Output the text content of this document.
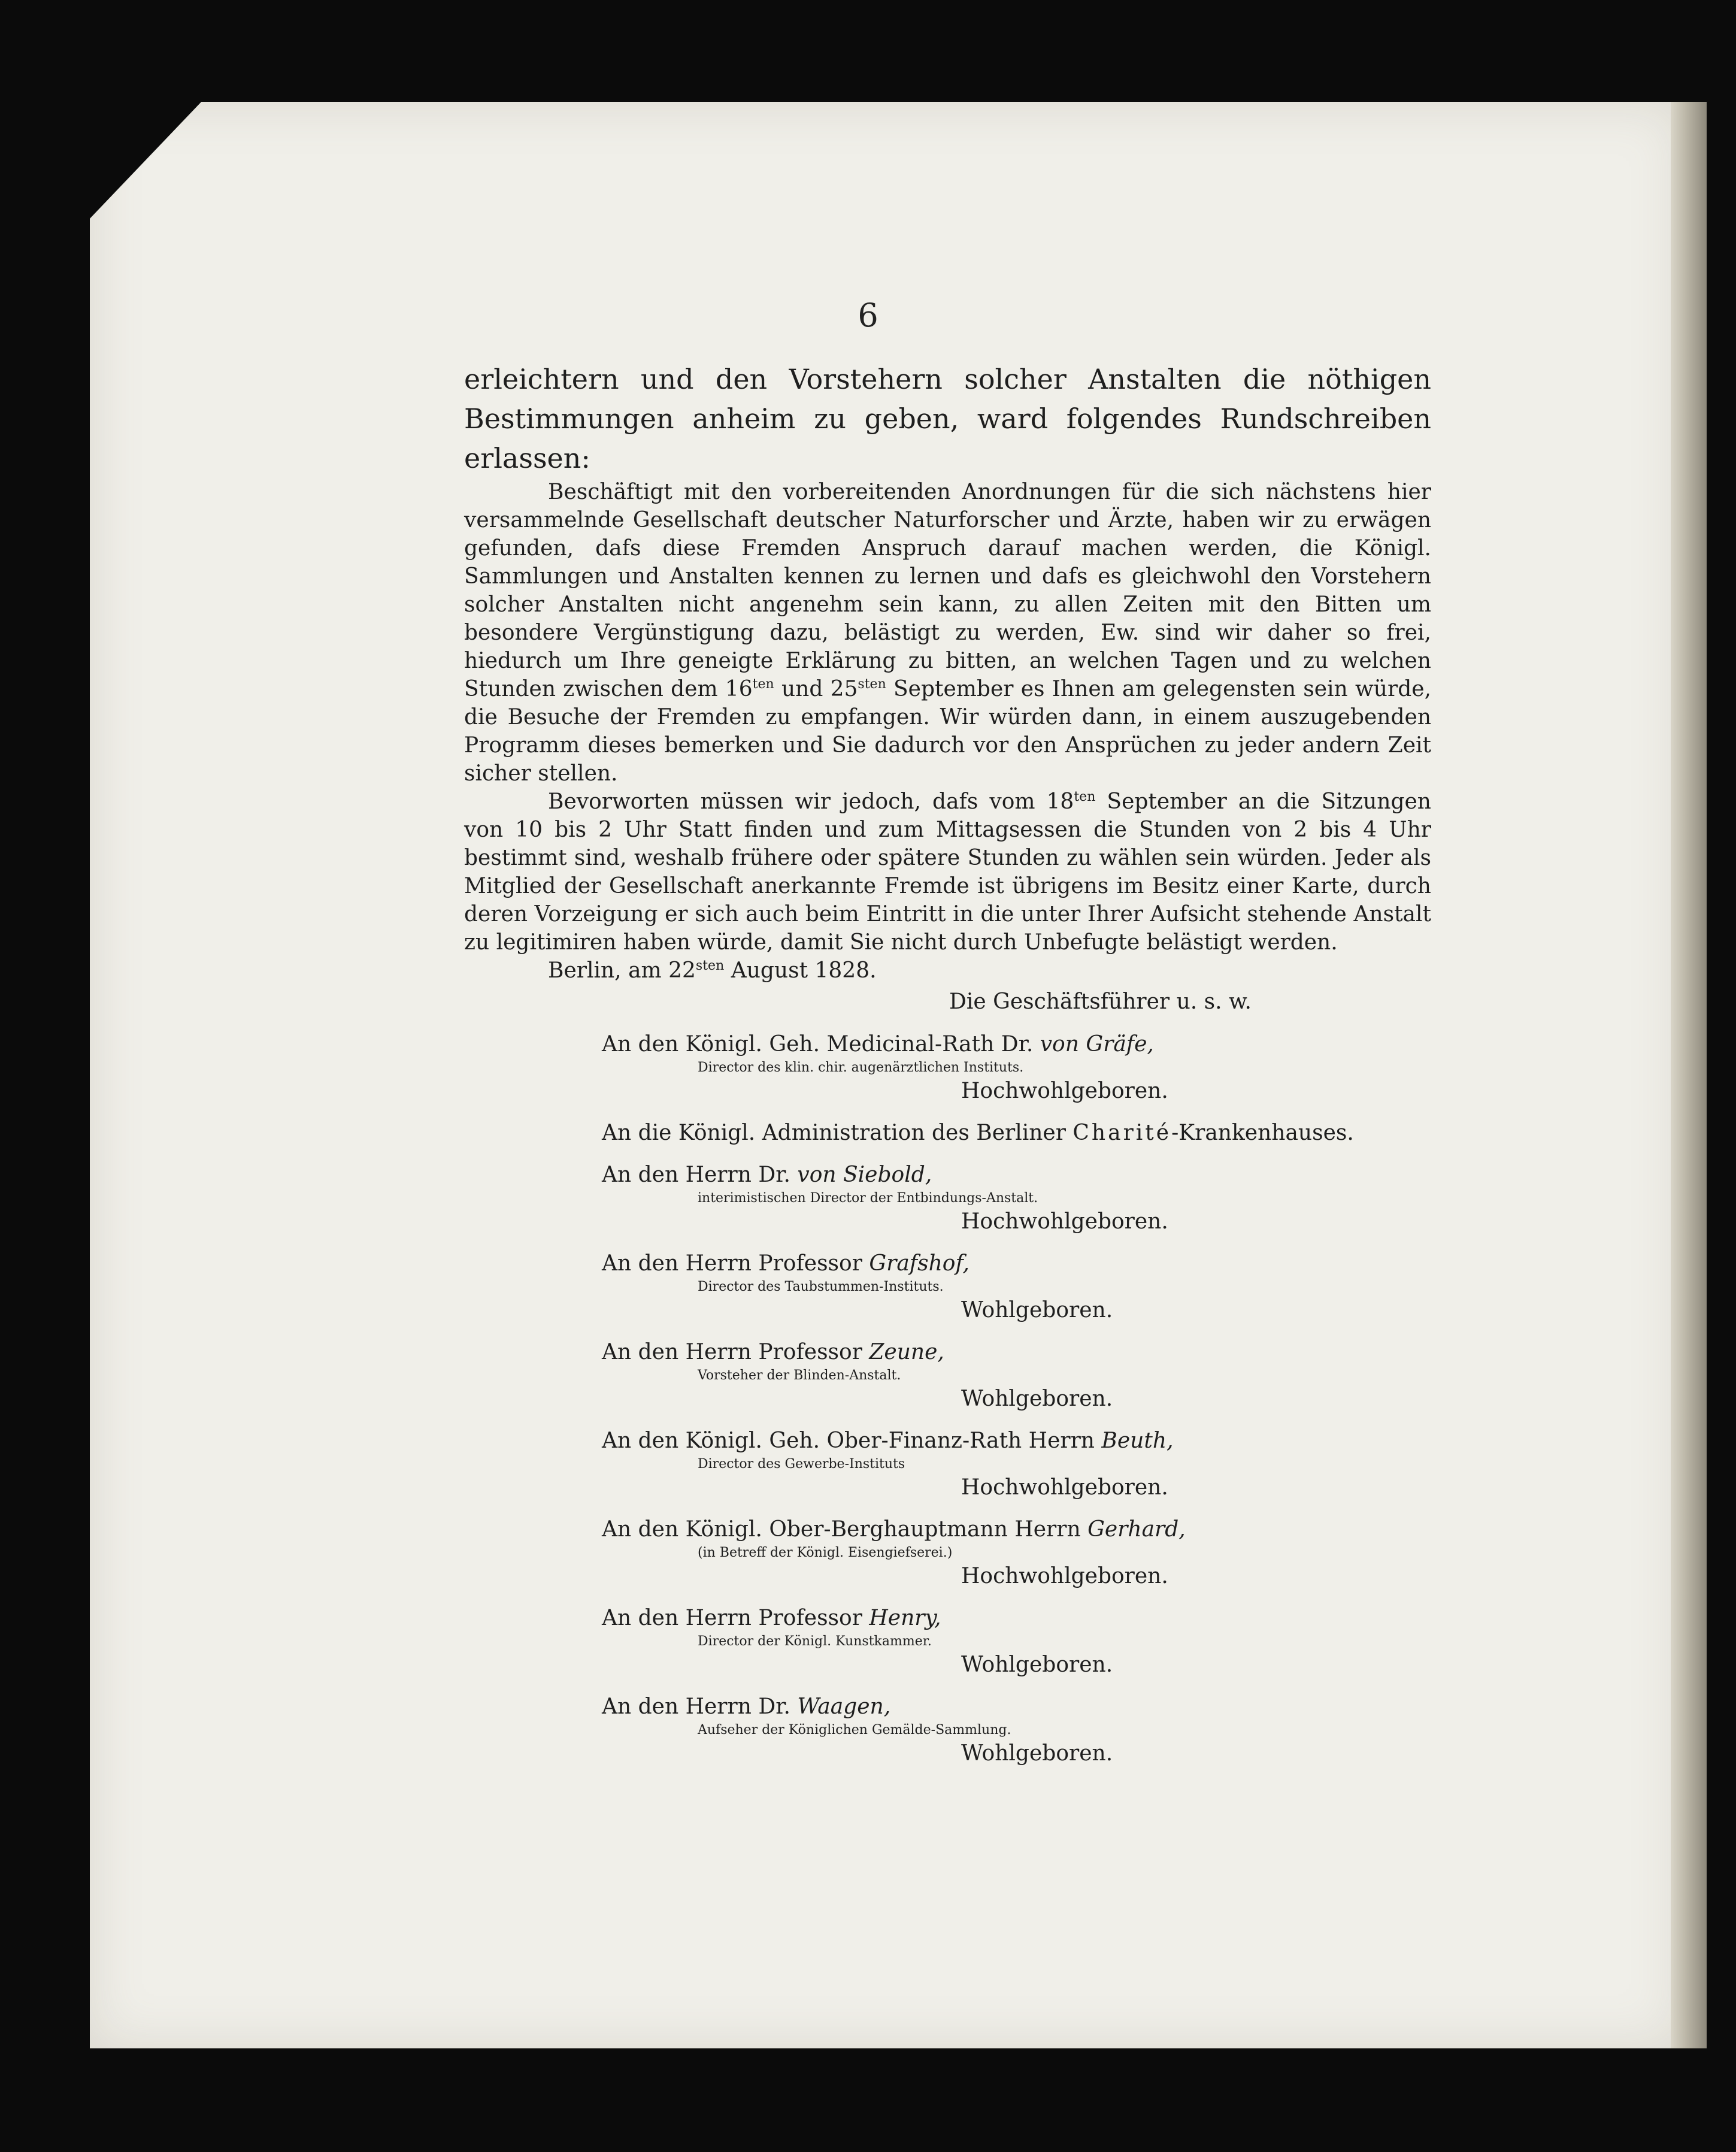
6

erleichtern und den Vorstehern solcher Anstalten die nöthigen Bestimmungen anheim zu geben, ward folgendes Rundschreiben erlassen:

Beschäftigt mit den vorbereitenden Anordnungen für die sich nächstens hier versammelnde Gesellschaft deutscher Naturforscher und Ärzte, haben wir zu erwägen gefunden, dafs diese Fremden Anspruch darauf machen werden, die Königl. Sammlungen und Anstalten kennen zu lernen und dafs es gleichwohl den Vorstehern solcher Anstalten nicht angenehm sein kann, zu allen Zeiten mit den Bitten um besondere Vergünstigung dazu, belästigt zu werden, Ew. sind wir daher so frei, hiedurch um Ihre geneigte Erklärung zu bitten, an welchen Tagen und zu welchen Stunden zwischen dem $16^{ten}$ und $25^{sten}$ September es Ihnen am gelegensten sein würde, die Besuche der Fremden zu empfangen. Wir würden dann, in einem auszugebenden Programm dieses bemerken und Sie dadurch vor den Ansprüchen zu jeder andern Zeit sicher stellen.

Bevorworten müssen wir jedoch, dafs vom $18^{ten}$ September an die Sitzungen von 10 bis 2 Uhr Statt finden und zum Mittagsessen die Stunden von 2 bis 4 Uhr bestimmt sind, weshalb frühere oder spätere Stunden zu wählen sein würden. Jeder als Mitglied der Gesellschaft anerkannte Fremde ist übrigens im Besitz einer Karte, durch deren Vorzeigung er sich auch beim Eintritt in die unter Ihrer Aufsicht stehende Anstalt zu legitimiren haben würde, damit Sie nicht durch Unbefugte belästigt werden.

Berlin, am $22^{sten}$ August 1828.

Die Geschäftsführer u. s. w.
An den Königl. Geh. Medicinal-Rath Dr. von Gräfe,
Director des klin. chir. augenärztlichen Instituts.
Hochwohlgeboren.
An die Königl. Administration des Berliner Charité-Krankenhauses.
An den Herrn Dr. von Siebold,
interimistischen Director der Entbindungs-Anstalt.
Hochwohlgeboren.
An den Herrn Professor Grafshof,
Director des Taubstummen-Instituts.
Wohlgeboren.
An den Herrn Professor Zeune,
Vorsteher der Blinden-Anstalt.
Wohlgeboren.
An den Königl. Geh. Ober-Finanz-Rath Herrn Beuth,
Director des Gewerbe-Instituts
Hochwohlgeboren.
An den Königl. Ober-Berghauptmann Herrn Gerhard,
(in Betreff der Königl. Eisengiefserei.)
Hochwohlgeboren.
An den Herrn Professor Henry,
Director der Königl. Kunstkammer.
Wohlgeboren.
An den Herrn Dr. Waagen,
Aufseher der Königlichen Gemälde-Sammlung.
Wohlgeboren.
